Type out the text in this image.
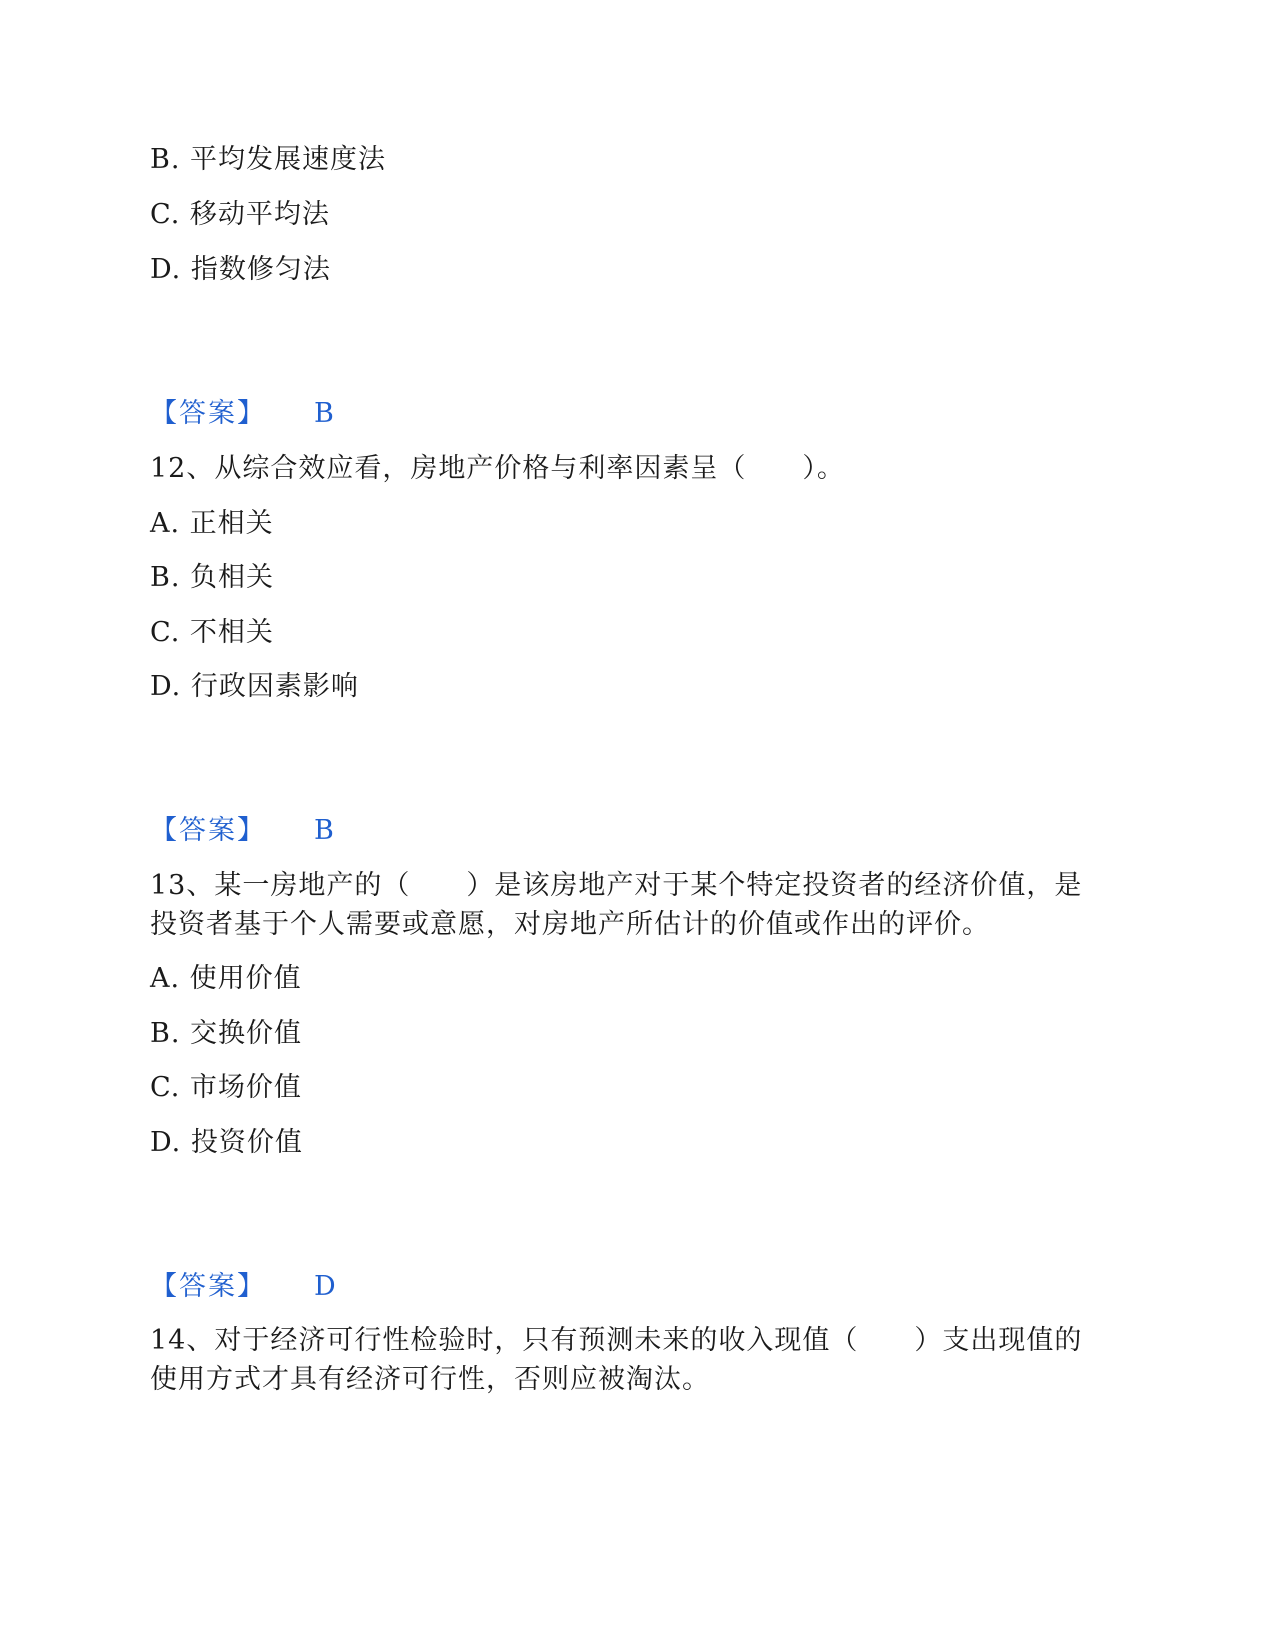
B. 平均发展速度法
C. 移动平均法
D. 指数修匀法
【答案】 B
12、从综合效应看，房地产价格与利率因素呈（　　）。
A. 正相关
B. 负相关
C. 不相关
D. 行政因素影响
【答案】 B
13、某一房地产的（　　）是该房地产对于某个特定投资者的经济价值，是
投资者基于个人需要或意愿，对房地产所估计的价值或作出的评价。
A. 使用价值
B. 交换价值
C. 市场价值
D. 投资价值
【答案】 D
14、对于经济可行性检验时，只有预测未来的收入现值（　　）支出现值的
使用方式才具有经济可行性，否则应被淘汰。
